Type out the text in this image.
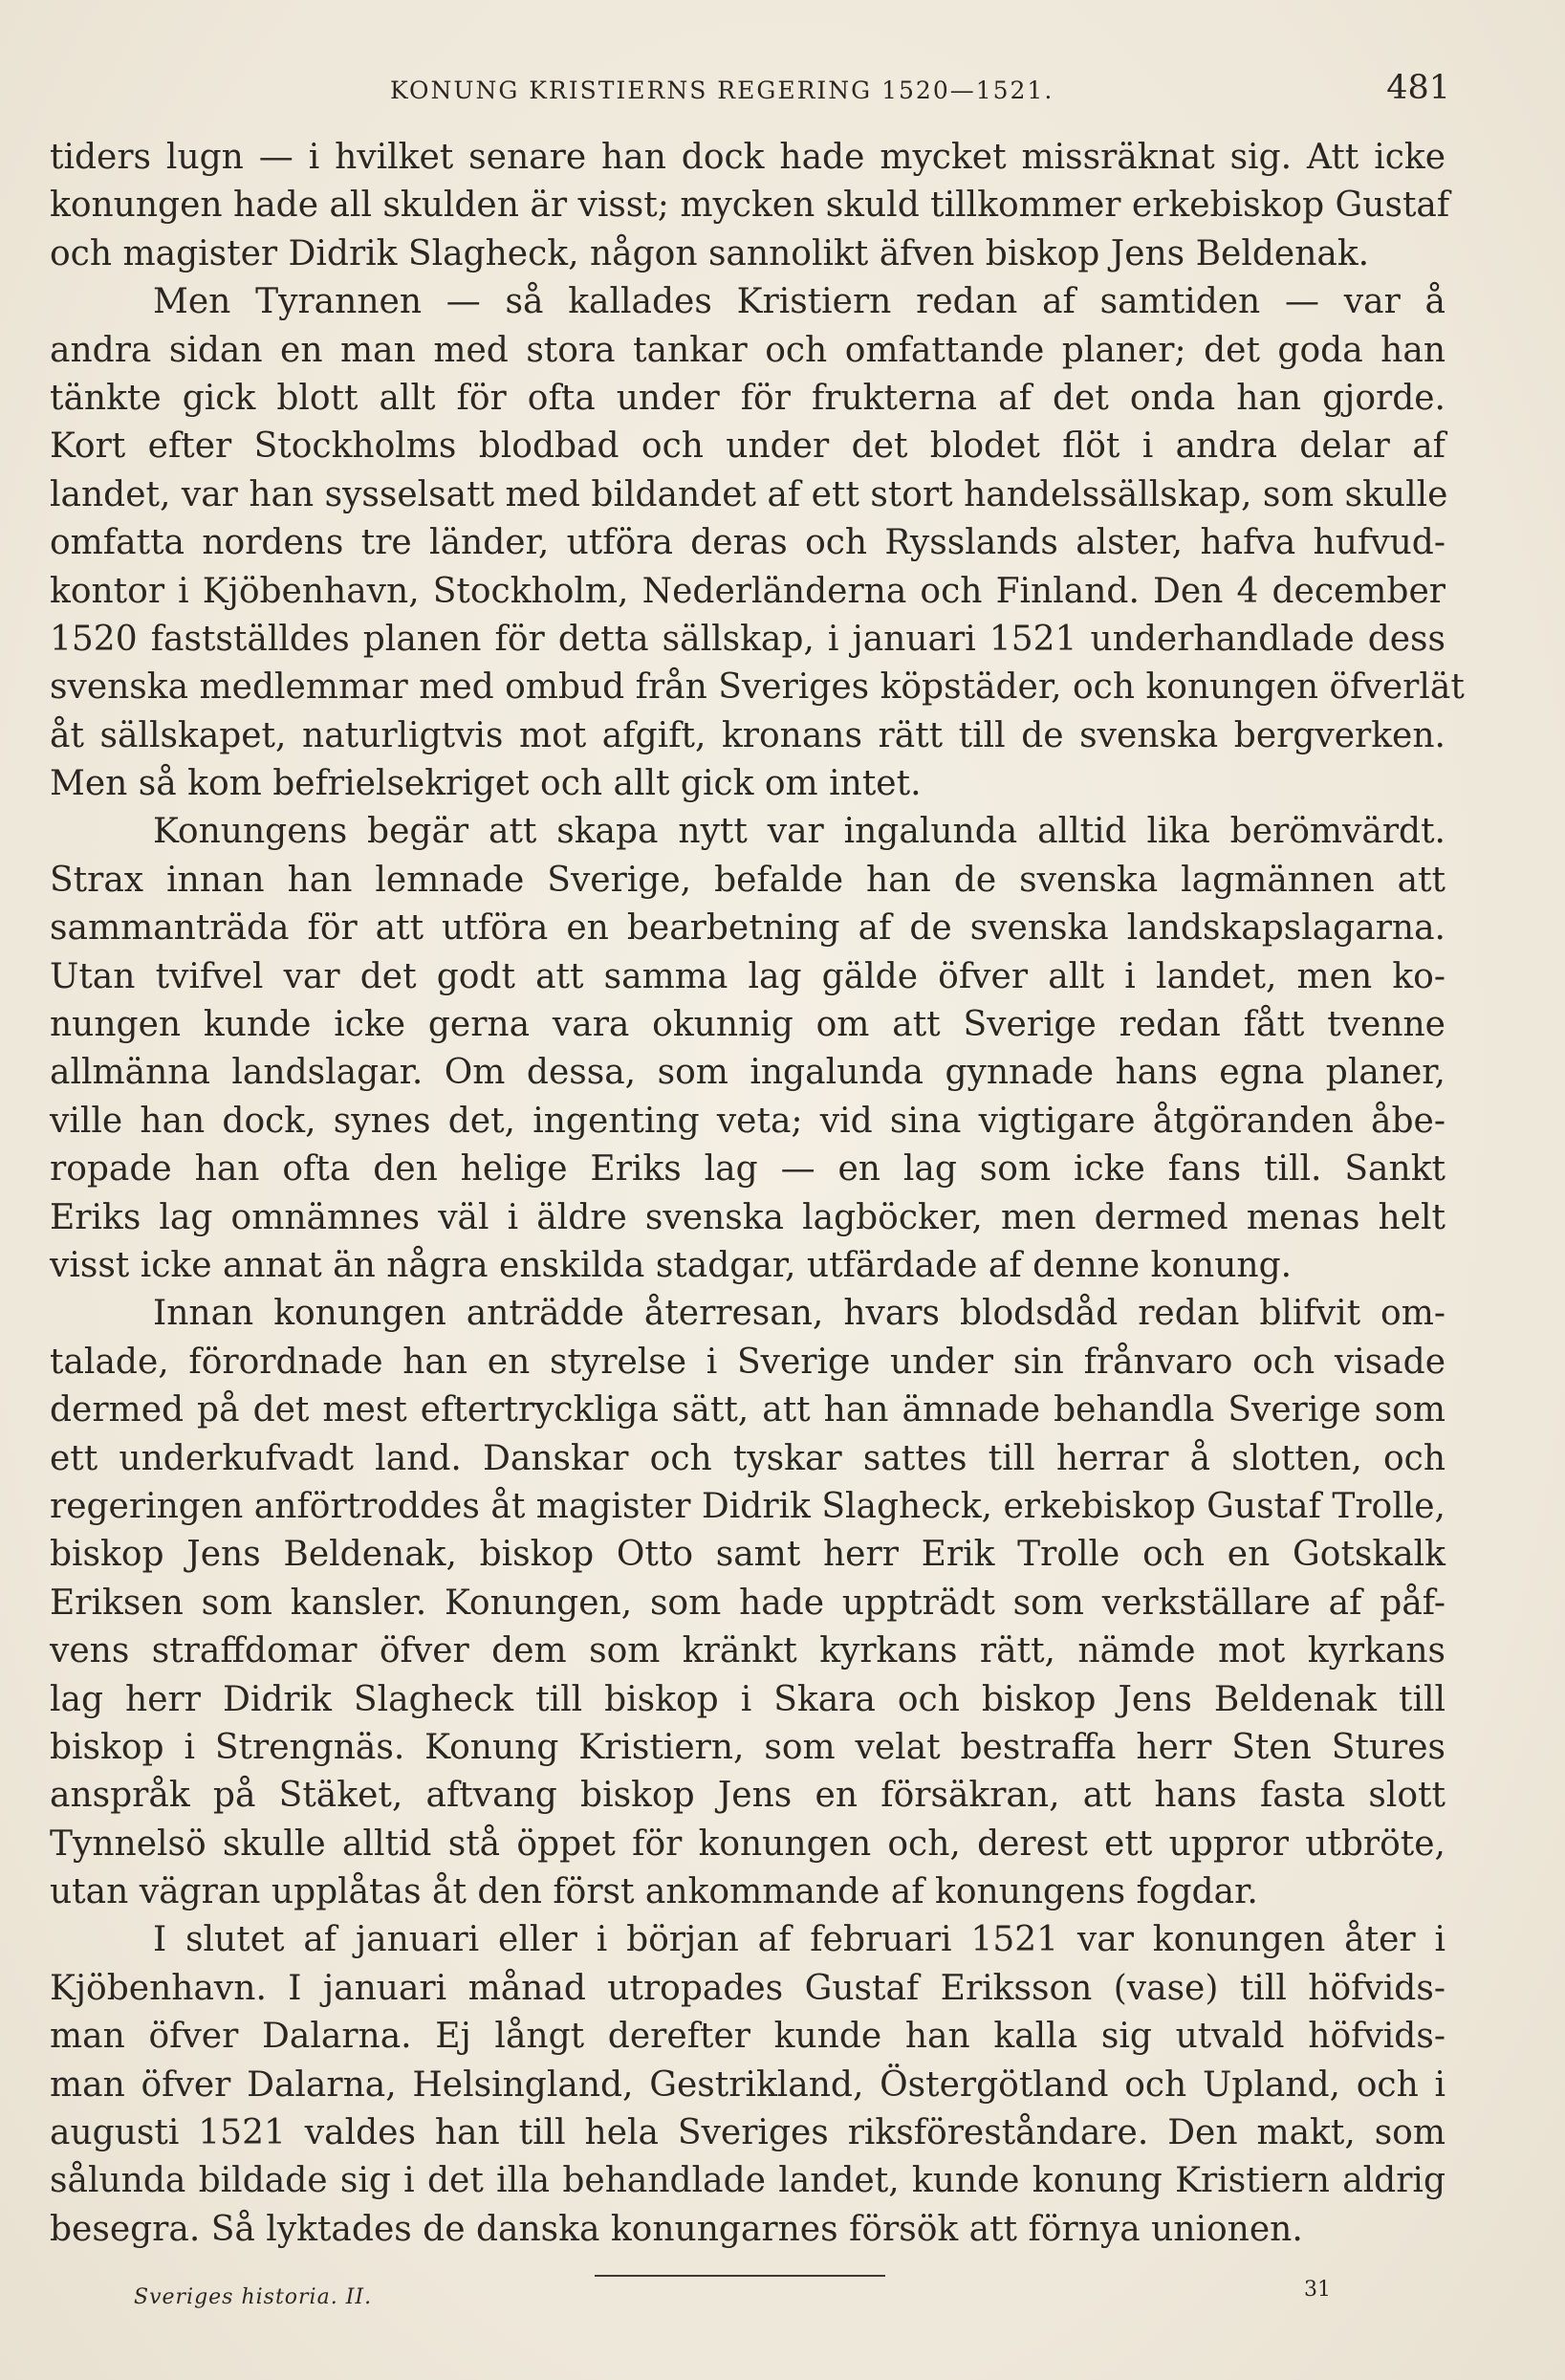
KONUNG KRISTIERNS REGERING 1520—1521.	481
tiders lugn — i hvilket senare han dock hade mycket missräknat sig. Att icke
konungen hade all skulden är visst; mycken skuld tillkommer erkebiskop Gustaf
och magister Didrik Slagheck, någon sannolikt äfven biskop Jens Beldenak.
Men Tyrannen — så kallades Kristiern redan af samtiden — var å
andra sidan en man med stora tankar och omfattande planer; det goda han
tänkte gick blott allt för ofta under för frukterna af det onda han gjorde.
Kort efter Stockholms blodbad och under det blodet flöt i andra delar af
landet, var han sysselsatt med bildandet af ett stort handelssällskap, som skulle
omfatta nordens tre länder, utföra deras och Rysslands alster, hafva hufvud-
kontor i Kjöbenhavn, Stockholm, Nederländerna och Finland. Den 4 december
1520 fastställdes planen för detta sällskap, i januari 1521 underhandlade dess
svenska medlemmar med ombud från Sveriges köpstäder, och konungen öfverlät
åt sällskapet, naturligtvis mot afgift, kronans rätt till de svenska bergverken.
Men så kom befrielsekriget och allt gick om intet.
Konungens begär att skapa nytt var ingalunda alltid lika berömvärdt.
Strax innan han lemnade Sverige, befalde han de svenska lagmännen att
sammanträda för att utföra en bearbetning af de svenska landskapslagarna.
Utan tvifvel var det godt att samma lag gälde öfver allt i landet, men ko-
nungen kunde icke gerna vara okunnig om att Sverige redan fått tvenne
allmänna landslagar. Om dessa, som ingalunda gynnade hans egna planer,
ville han dock, synes det, ingenting veta; vid sina vigtigare åtgöranden åbe-
ropade han ofta den helige Eriks lag — en lag som icke fans till. Sankt
Eriks lag omnämnes väl i äldre svenska lagböcker, men dermed menas helt
visst icke annat än några enskilda stadgar, utfärdade af denne konung.
Innan konungen anträdde återresan, hvars blodsdåd redan blifvit om-
talade, förordnade han en styrelse i Sverige under sin frånvaro och visade
dermed på det mest eftertryckliga sätt, att han ämnade behandla Sverige som
ett underkufvadt land. Danskar och tyskar sattes till herrar å slotten, och
regeringen anförtroddes åt magister Didrik Slagheck, erkebiskop Gustaf Trolle,
biskop Jens Beldenak, biskop Otto samt herr Erik Trolle och en Gotskalk
Eriksen som kansler. Konungen, som hade uppträdt som verkställare af påf-
vens straffdomar öfver dem som kränkt kyrkans rätt, nämde mot kyrkans
lag herr Didrik Slagheck till biskop i Skara och biskop Jens Beldenak till
biskop i Strengnäs. Konung Kristiern, som velat bestraffa herr Sten Stures
anspråk på Stäket, aftvang biskop Jens en försäkran, att hans fasta slott
Tynnelsö skulle alltid stå öppet för konungen och, derest ett uppror utbröte,
utan vägran upplåtas åt den först ankommande af konungens fogdar.
I slutet af januari eller i början af februari 1521 var konungen åter i
Kjöbenhavn. I januari månad utropades Gustaf Eriksson (vase) till höfvids-
man öfver Dalarna. Ej långt derefter kunde han kalla sig utvald höfvids-
man öfver Dalarna, Helsingland, Gestrikland, Östergötland och Upland, och i
augusti 1521 valdes han till hela Sveriges riksföreståndare. Den makt, som
sålunda bildade sig i det illa behandlade landet, kunde konung Kristiern aldrig
besegra. Så lyktades de danska konungarnes försök att förnya unionen.
Sveriges historia. II.	31
